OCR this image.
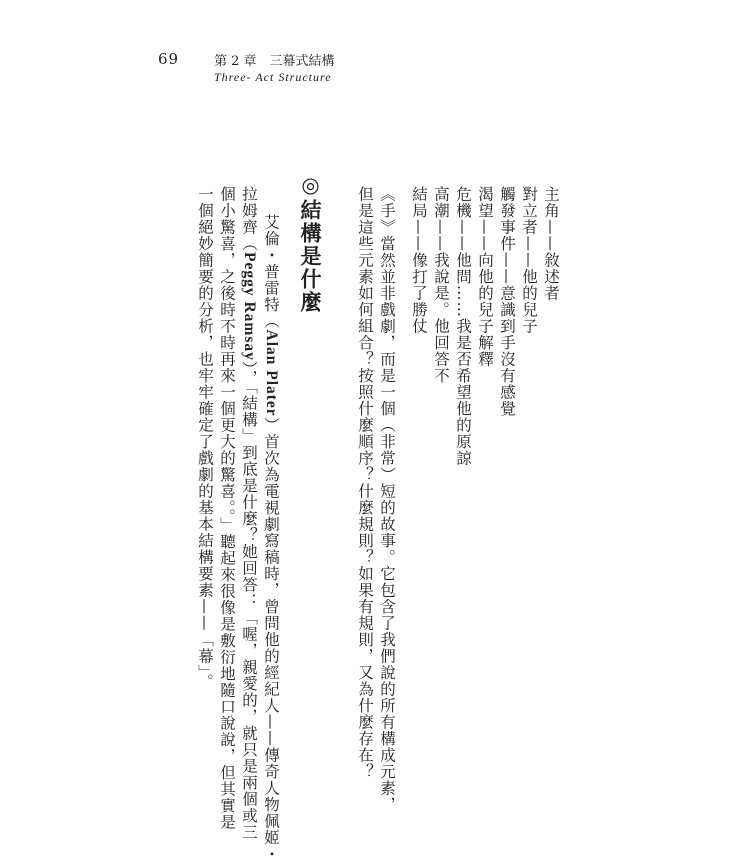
69	第 2 章　三幕式結構
Three- Act Structure
主角——敘述者
對立者——他的兒子
觸發事件——意識到手沒有感覺
渴望——向他的兒子解釋
危機——他問……我是否希望他的原諒
高潮——我說是。他回答不
結局——像打了勝仗
《手》當然並非戲劇，而是一個（非常）短的故事。它包含了我們說的所有構成元素，
但是這些元素如何組合？按照什麼順序？什麼規則？如果有規則，又為什麼存在？
◎結構是什麼
艾倫・普雷特（Alan Plater）首次為電視劇寫稿時，曾問他的經紀人——傳奇人物佩姬・
拉姆齊（Peggy Ramsay），「結構」到底是什麼？她回答：「喔，親愛的，就只是兩個或三
個小驚喜，之後時不時再來一個更大的驚喜。。」聽起來很像是敷衍地隨口說說，但其實是
一個絕妙簡要的分析，也牢牢確定了戲劇的基本結構要素——「幕」。
